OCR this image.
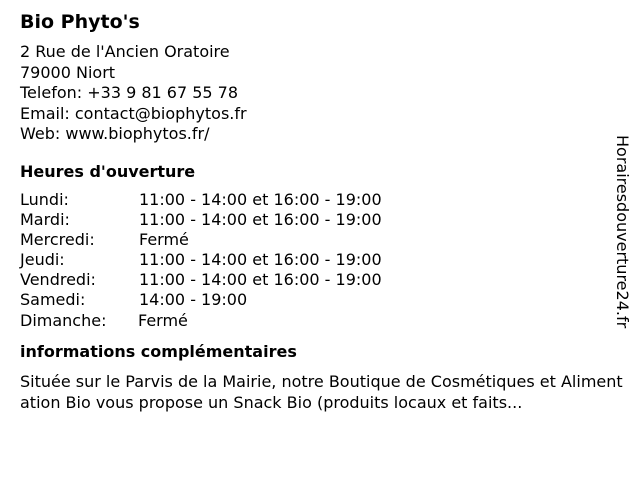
Bio Phyto's
2 Rue de l'Ancien Oratoire
79000 Niort
Telefon: +33 9 81 67 55 78
Email: contact@biophytos.fr
Web: www.biophytos.fr/
Heures d'ouverture
Lundi:	11:00 - 14:00 et 16:00 - 19:00
Mardi:	11:00 - 14:00 et 16:00 - 19:00
Mercredi:	Fermé
Jeudi:	11:00 - 14:00 et 16:00 - 19:00
Vendredi:	11:00 - 14:00 et 16:00 - 19:00
Samedi:	14:00 - 19:00
Dimanche: Fermé
informations complémentaires
Située sur le Parvis de la Mairie, notre Boutique de Cosmétiques et Alimentation Bio vous propose un Snack Bio (produits locaux et faits...
Horairesdouverture24.fr
